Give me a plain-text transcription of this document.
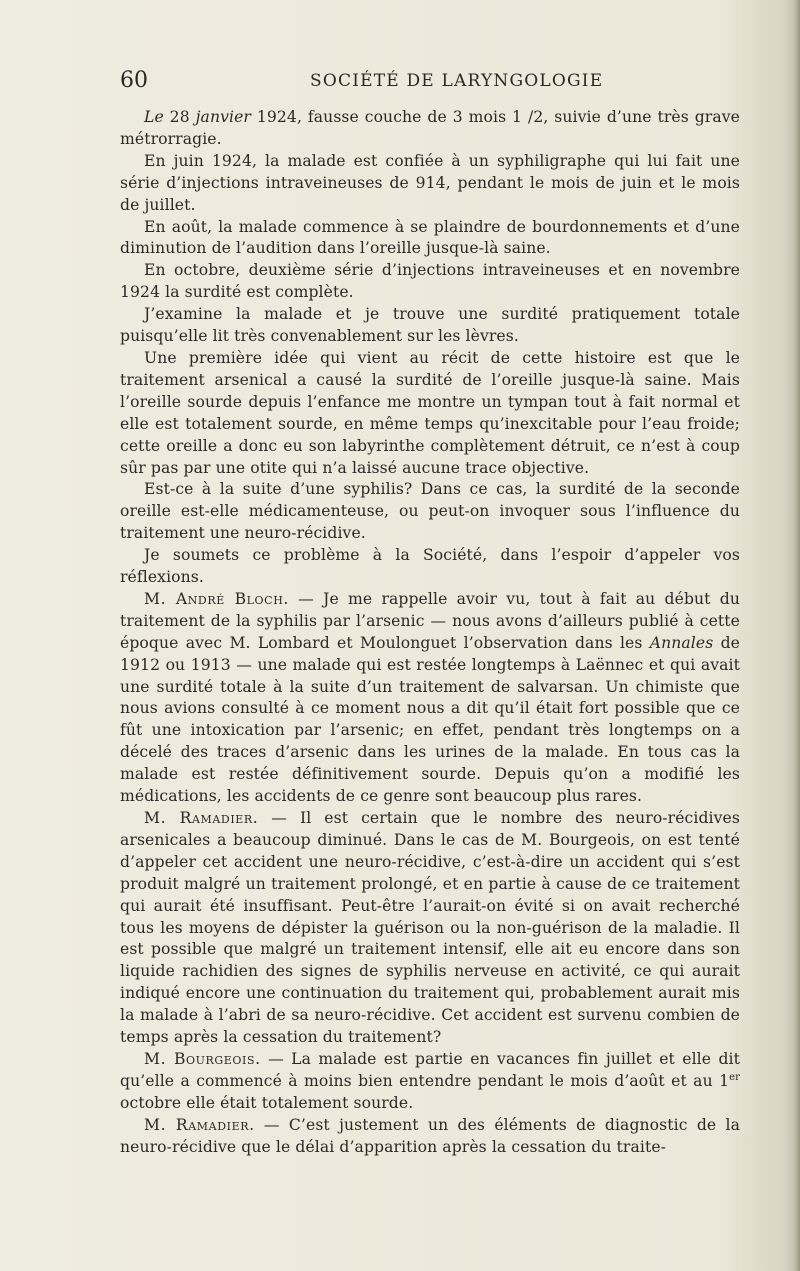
60	SOCIÉTÉ DE LARYNGOLOGIE

Le 28 janvier 1924, fausse couche de 3 mois 1 /2, suivie d’une très grave métrorragie.

En juin 1924, la malade est confiée à un syphiligraphe qui lui fait une série d’injections intraveineuses de 914, pendant le mois de juin et le mois de juillet.

En août, la malade commence à se plaindre de bourdonnements et d’une diminution de l’audition dans l’oreille jusque-là saine.

En octobre, deuxième série d’injections intraveineuses et en novembre 1924 la surdité est complète.

J’examine la malade et je trouve une surdité pratiquement totale puisqu’elle lit très convenablement sur les lèvres.

Une première idée qui vient au récit de cette histoire est que le traitement arsenical a causé la surdité de l’oreille jusque-là saine. Mais l’oreille sourde depuis l’enfance me montre un tympan tout à fait normal et elle est totalement sourde, en même temps qu’inexcitable pour l’eau froide; cette oreille a donc eu son labyrinthe complètement détruit, ce n’est à coup sûr pas par une otite qui n’a laissé aucune trace objective.

Est-ce à la suite d’une syphilis? Dans ce cas, la surdité de la seconde oreille est-elle médicamenteuse, ou peut-on invoquer sous l’influence du traitement une neuro-récidive.

Je soumets ce problème à la Société, dans l’espoir d’appeler vos réflexions.

M. André Bloch. — Je me rappelle avoir vu, tout à fait au début du traitement de la syphilis par l’arsenic — nous avons d’ailleurs publié à cette époque avec M. Lombard et Moulonguet l’observation dans les Annales de 1912 ou 1913 — une malade qui est restée longtemps à Laënnec et qui avait une surdité totale à la suite d’un traitement de salvarsan. Un chimiste que nous avions consulté à ce moment nous a dit qu’il était fort possible que ce fût une intoxication par l’arsenic; en effet, pendant très longtemps on a décelé des traces d’arsenic dans les urines de la malade. En tous cas la malade est restée définitivement sourde. Depuis qu’on a modifié les médications, les accidents de ce genre sont beaucoup plus rares.

M. Ramadier. — Il est certain que le nombre des neuro-récidives arsenicales a beaucoup diminué. Dans le cas de M. Bourgeois, on est tenté d’appeler cet accident une neuro-récidive, c’est-à-dire un accident qui s’est produit malgré un traitement prolongé, et en partie à cause de ce traitement qui aurait été insuffisant. Peut-être l’aurait-on évité si on avait recherché tous les moyens de dépister la guérison ou la non-guérison de la maladie. Il est possible que malgré un traitement intensif, elle ait eu encore dans son liquide rachidien des signes de syphilis nerveuse en activité, ce qui aurait indiqué encore une continuation du traitement qui, probablement aurait mis la malade à l’abri de sa neuro-récidive. Cet accident est survenu combien de temps après la cessation du traitement?

M. Bourgeois. — La malade est partie en vacances fin juillet et elle dit qu’elle a commencé à moins bien entendre pendant le mois d’août et au 1er octobre elle était totalement sourde.

M. Ramadier. — C’est justement un des éléments de diagnostic de la neuro-récidive que le délai d’apparition après la cessation du traite-
